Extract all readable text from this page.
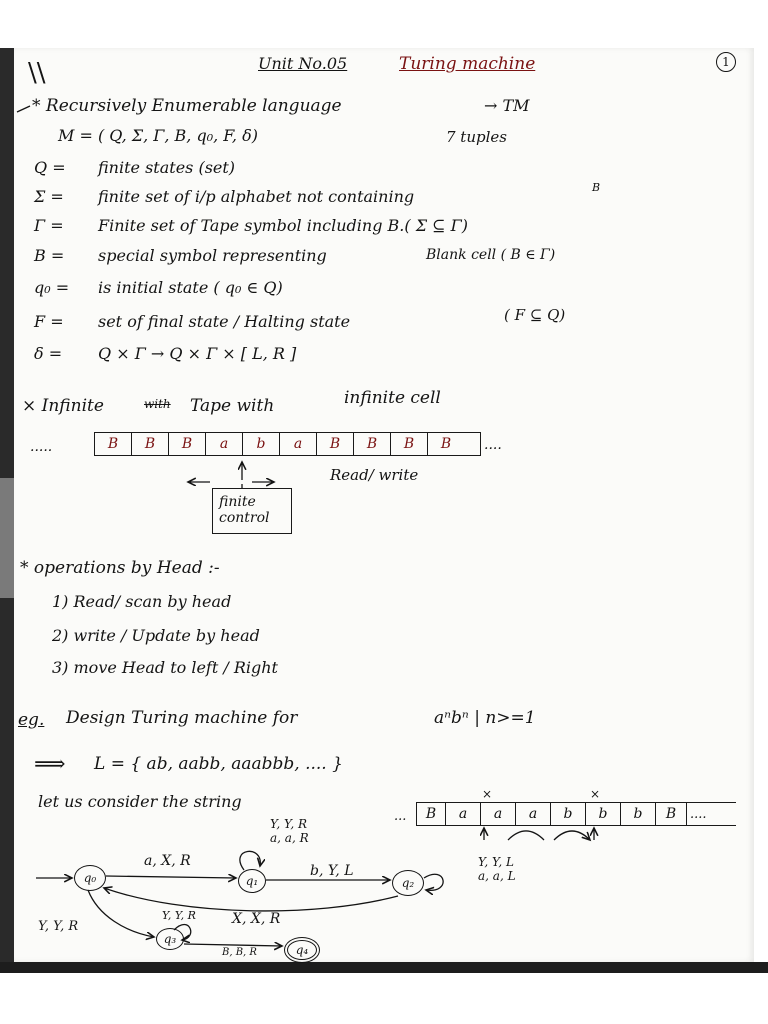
\\	Unit No.05	Turing machine	1
* Recursively Enumerable language	→ TM
M = ( Q, Σ, Γ, B, q₀, F, δ)	7 tuples
Q = finite states (set)
Σ = finite set of i/p alphabet not containing	B
Γ = Finite set of Tape symbol including B.( Σ ⊆ Γ)
B = special symbol representing	Blank cell ( B ∈ Γ)
q₀ = is initial state ( q₀ ∈ Q)
F = set of final state / Halting state	( F ⊆ Q)
δ = Q × Γ → Q × Γ × [ L, R ]
× Infinite	with Tape with	infinite cell
.....	B	B	B	a	b	a	B	B	B	B	....
Read/ write
finite control
* operations by Head :-
1) Read/ scan by head
2) write / Update by head
3) move Head to left / Right
eg. Design Turing machine for	aⁿbⁿ | n>=1
⟹ L = { ab, aabb, aaabbb, .... }
let us consider the string
...	B	a	a	a	b	b	b	B	....
×	×
Y, Y, R
a, a, R
Y, Y, L
a, a, L
a, X, R
b, Y, L
X, X, R
Y, Y, R
Y, Y, R
B, B, R
q₀	q₁	q₂
q₃
q₄
